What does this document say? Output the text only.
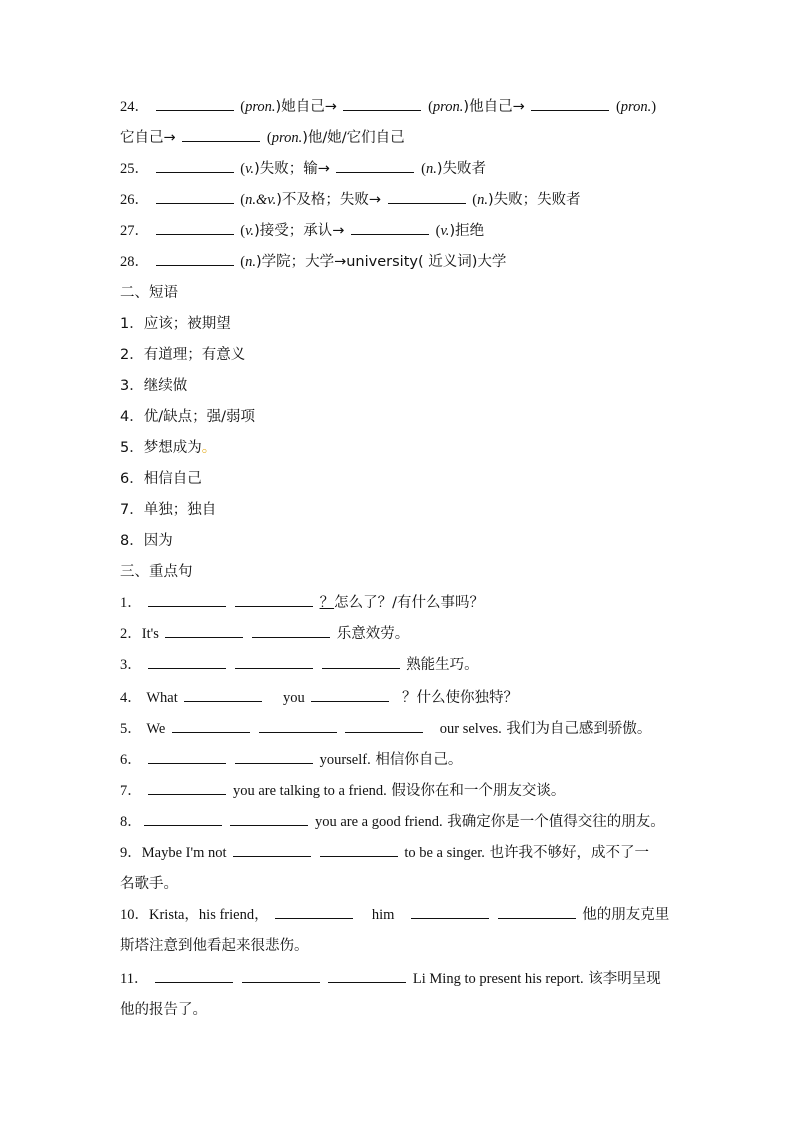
24．	(pron.)她自己→	(pron.)他自己→	(pron.)
它自己→	(pron.)他/她/它们自己
25．	(v.)失败；输→	(n.)失败者
26．	(n.&v.)不及格；失败→	(n.)失败；失败者
27．	(v.)接受；承认→	(v.)拒绝
28．	(n.)学院；大学→university( 近义词)大学
二、短语
1．应该；被期望
2．有道理；有意义
3．继续做
4．优/缺点；强/弱项
5．梦想成为。
6．相信自己
7．单独；独自
8．因为
三、重点句
1．	？怎么了？/有什么事吗？
2．It's	乐意效劳。
3．	熟能生巧。
4． What	you	？什么使你独特？
5． We	our selves. 我们为自己感到骄傲。
6．	yourself. 相信你自己。
7．	you are talking to a friend. 假设你在和一个朋友交谈。
8．	you are a good friend. 我确定你是一个值得交往的朋友。
9．Maybe I'm not	to be a singer. 也许我不够好，成不了一
名歌手。
10．Krista，his friend，	him	他的朋友克里
斯塔注意到他看起来很悲伤。
11．	Li Ming to present his report. 该李明呈现
他的报告了。
